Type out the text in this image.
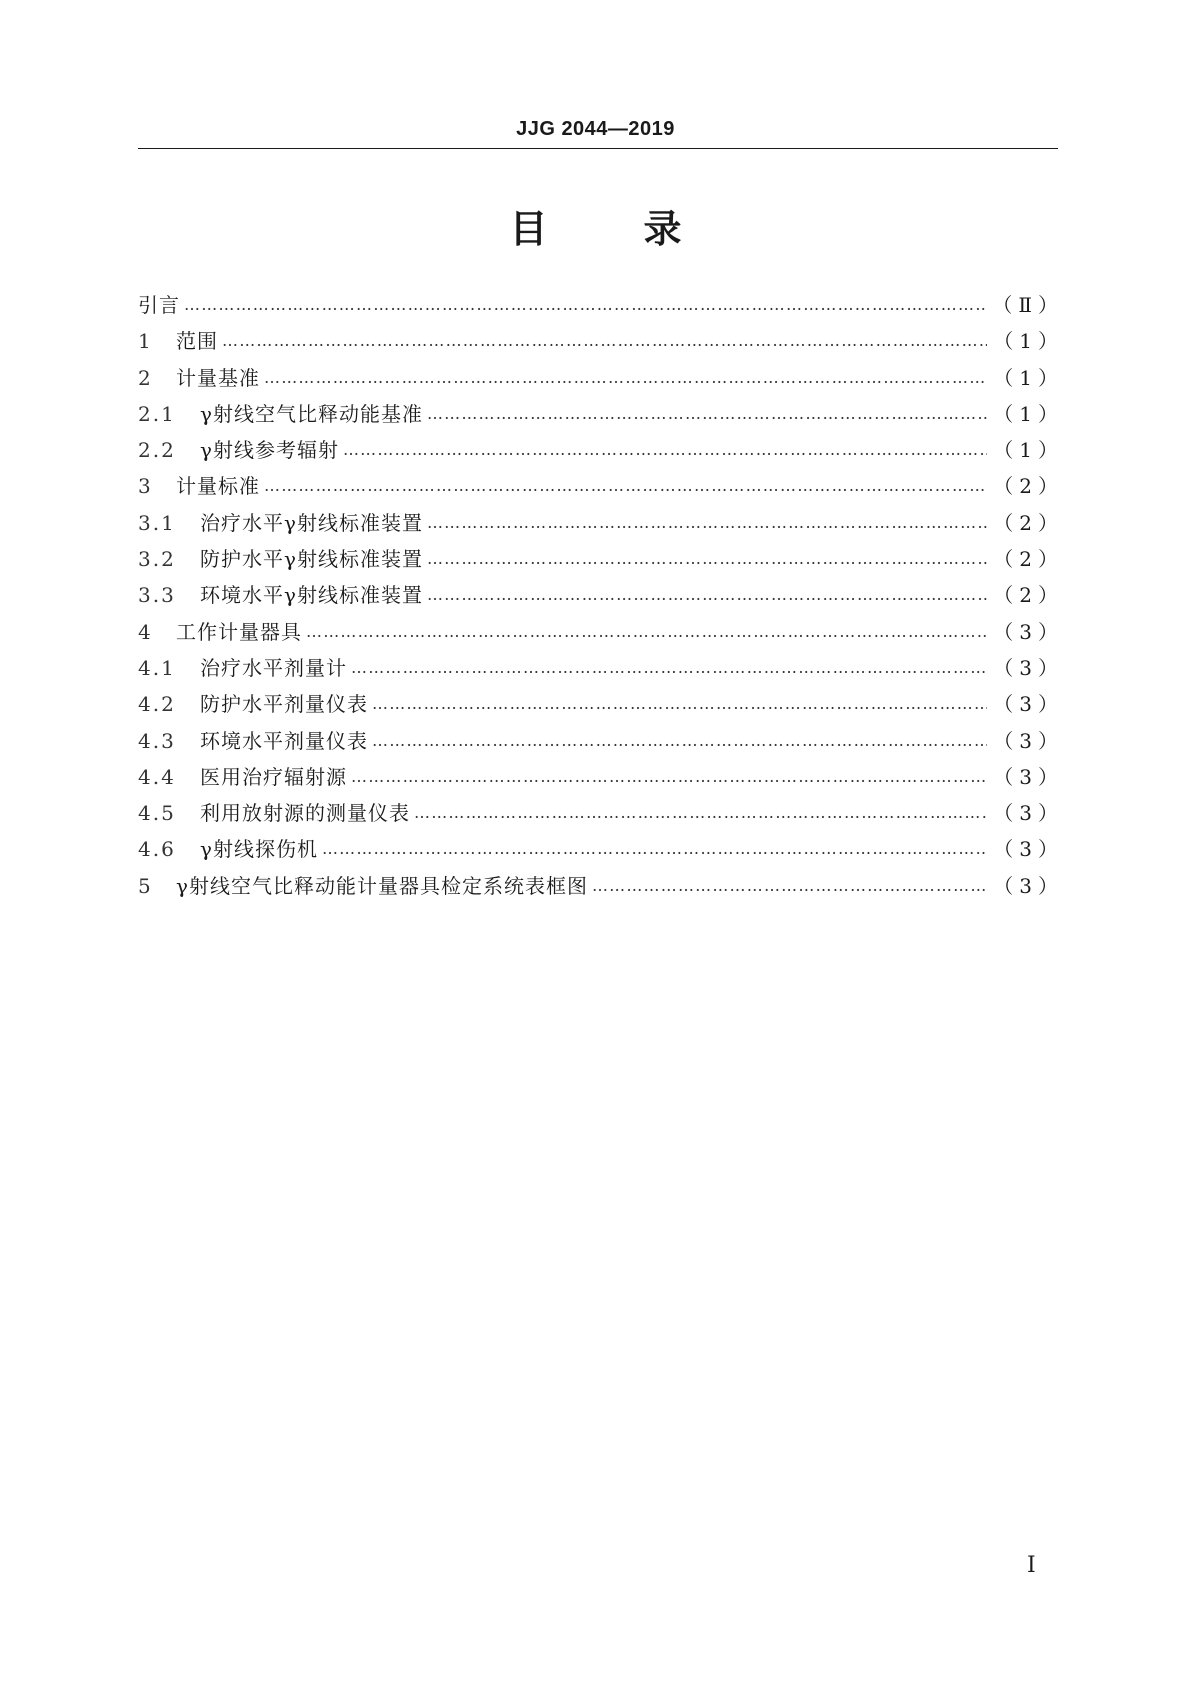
JJG 2044—2019
目	录
引言 ……………………………………………………………………………………………………………………………………………………………………	（Ⅱ）
1	范围 ……………………………………………………………………………………………………………………………………………………………………	（1）
2	计量基准 ……………………………………………………………………………………………………………………………………………………………………	（1）
2.1	γ射线空气比释动能基准 ……………………………………………………………………………………………………………………………………………………………………	（1）
2.2	γ射线参考辐射 ……………………………………………………………………………………………………………………………………………………………………	（1）
3	计量标准 ……………………………………………………………………………………………………………………………………………………………………	（2）
3.1	治疗水平γ射线标准装置 ……………………………………………………………………………………………………………………………………………………………………	（2）
3.2	防护水平γ射线标准装置 ……………………………………………………………………………………………………………………………………………………………………	（2）
3.3	环境水平γ射线标准装置 ……………………………………………………………………………………………………………………………………………………………………	（2）
4	工作计量器具 ……………………………………………………………………………………………………………………………………………………………………	（3）
4.1	治疗水平剂量计 ……………………………………………………………………………………………………………………………………………………………………	（3）
4.2	防护水平剂量仪表 ……………………………………………………………………………………………………………………………………………………………………	（3）
4.3	环境水平剂量仪表 ……………………………………………………………………………………………………………………………………………………………………	（3）
4.4	医用治疗辐射源 ……………………………………………………………………………………………………………………………………………………………………	（3）
4.5	利用放射源的测量仪表 ……………………………………………………………………………………………………………………………………………………………………	（3）
4.6	γ射线探伤机 ……………………………………………………………………………………………………………………………………………………………………	（3）
5	γ射线空气比释动能计量器具检定系统表框图 ……………………………………………………………………………………………………………………………………………………………………	（3）
Ⅰ
